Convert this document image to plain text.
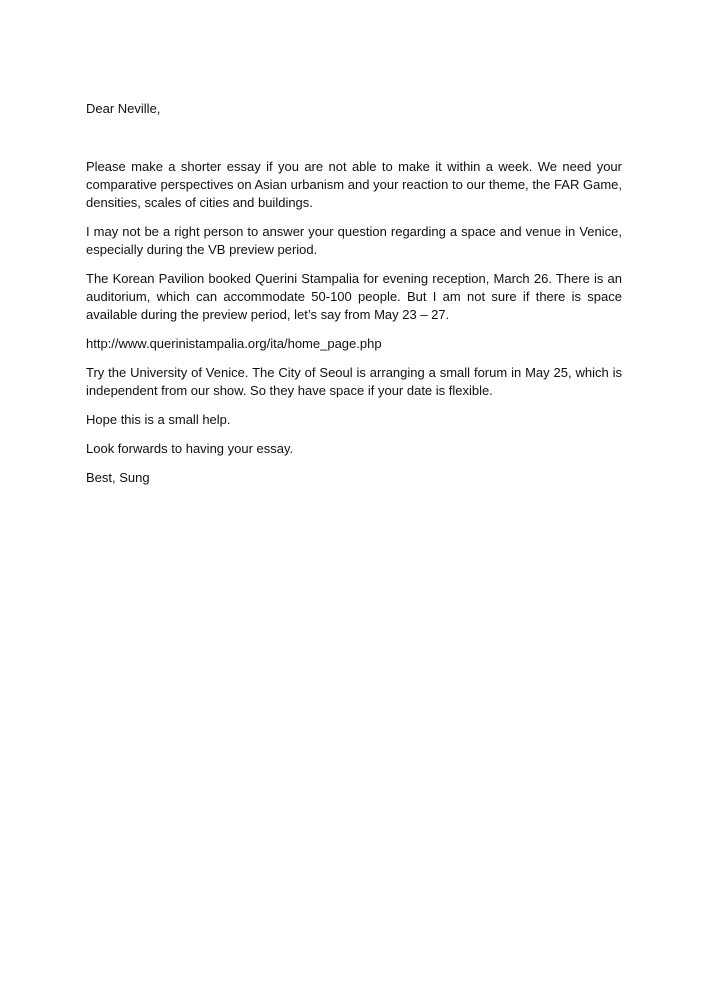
Dear Neville,

Please make a shorter essay if you are not able to make it within a week. We need your comparative perspectives on Asian urbanism and your reaction to our theme, the FAR Game, densities, scales of cities and buildings.

I may not be a right person to answer your question regarding a space and venue in Venice, especially during the VB preview period.

The Korean Pavilion booked Querini Stampalia for evening reception, March 26. There is an auditorium, which can accommodate 50-100 people. But I am not sure if there is space available during the preview period, let’s say from May 23 – 27.

http://www.querinistampalia.org/ita/home_page.php

Try the University of Venice. The City of Seoul is arranging a small forum in May 25, which is independent from our show. So they have space if your date is flexible.

Hope this is a small help.

Look forwards to having your essay.

Best, Sung
